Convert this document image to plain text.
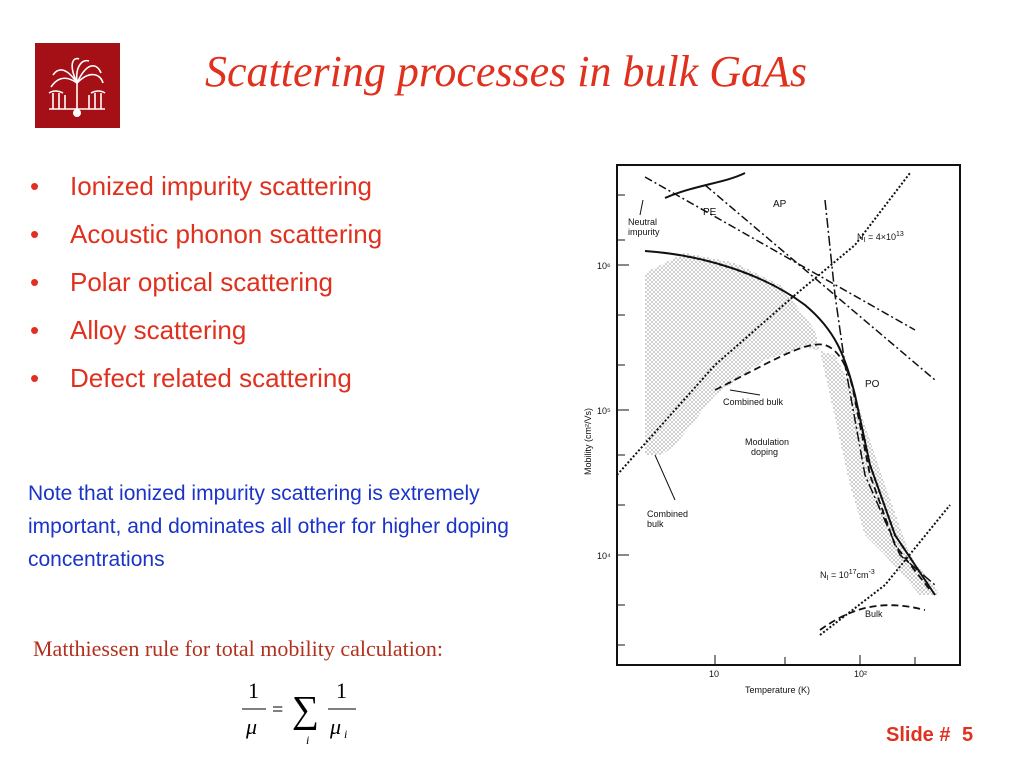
Scattering processes in bulk GaAs
• Ionized impurity scattering
• Acoustic phonon scattering
• Polar optical scattering
• Alloy scattering
• Defect related scattering
Note that ionized impurity scattering is extremely important, and dominates all other for higher doping concentrations
Matthiessen rule for total mobility calculation:
1
μ
= ∑
i
1
μ i
Neutral
impurity
PE
AP
$N_I = 4\times 10^{13}$
PO
Combined bulk
Modulation
doping
Combined
bulk
$N_I = 10^{17}cm^{-3}$
Bulk
10⁶
10⁵
10⁴
10	10²
Temperature (K)
Mobility (cm²/Vs)
Slide # 5
